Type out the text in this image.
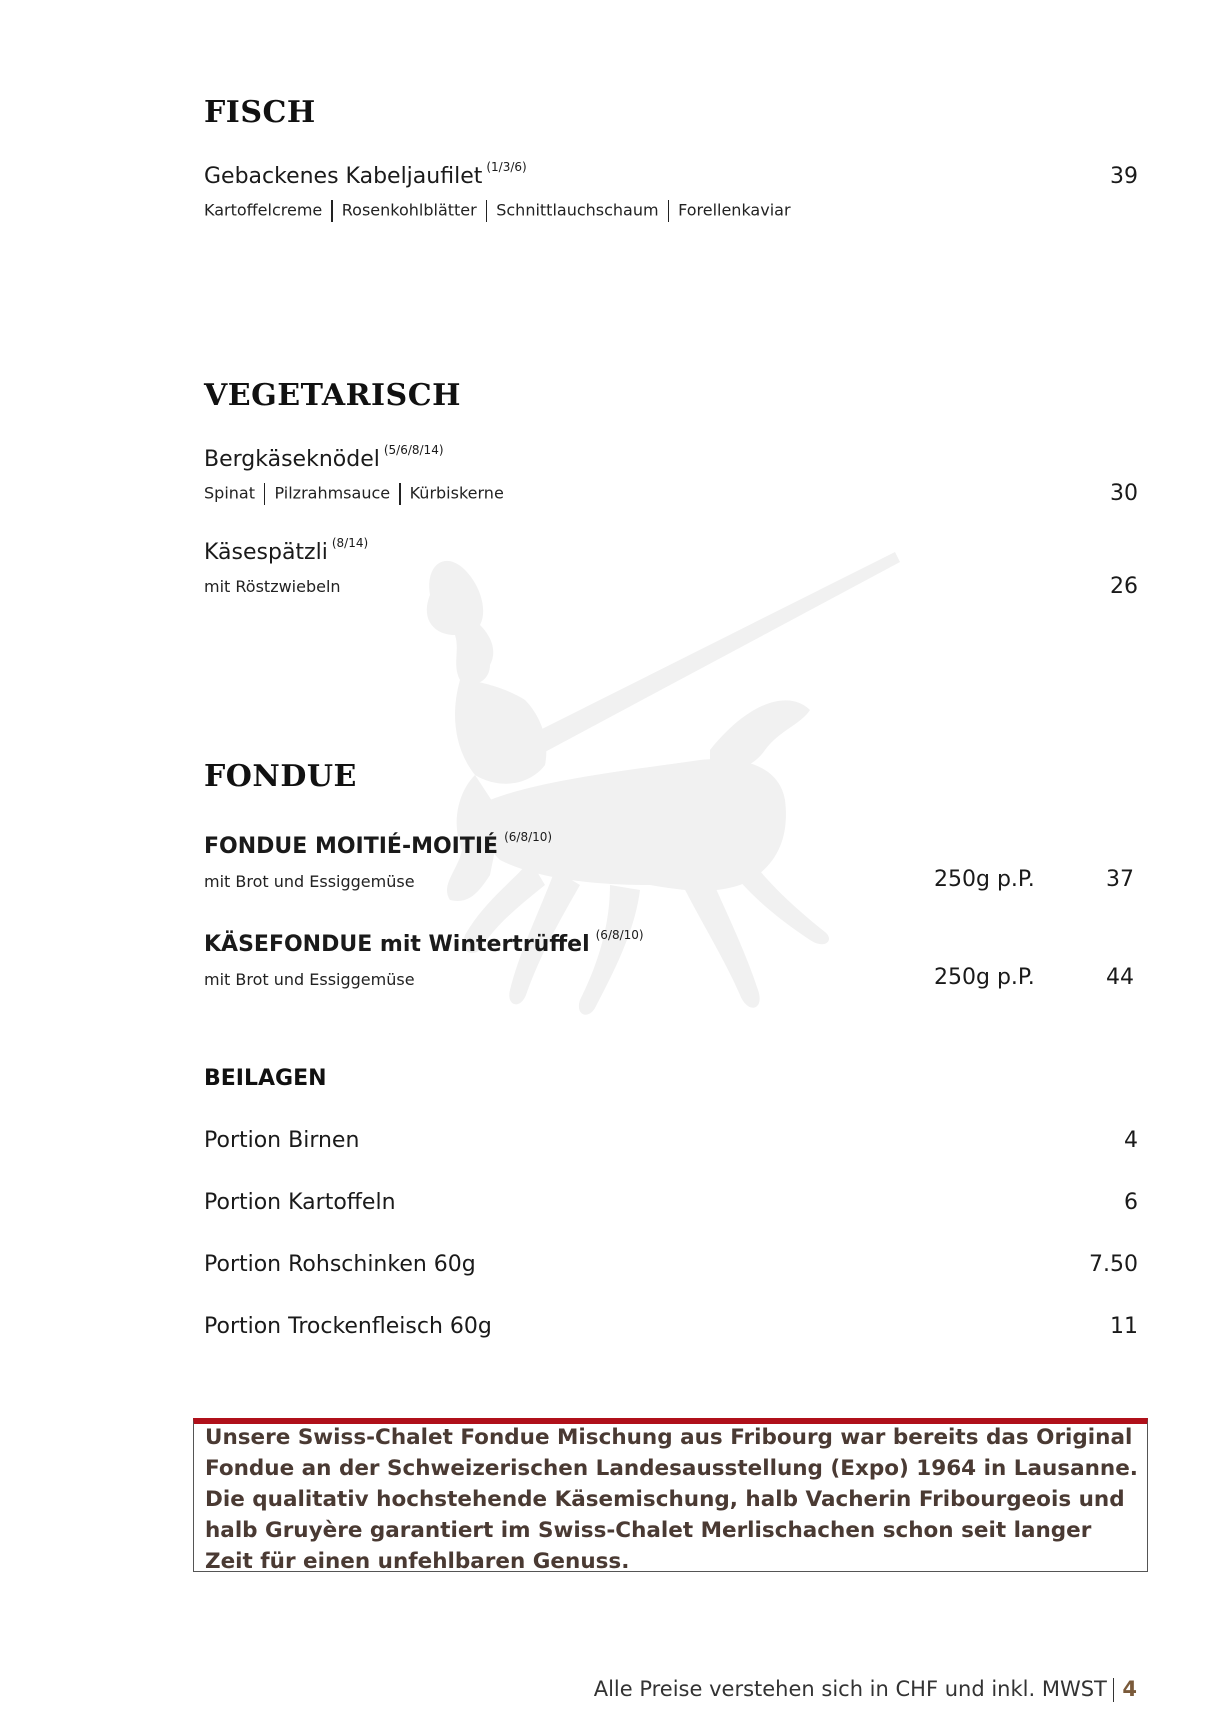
FISCH
Gebackenes Kabeljaufilet $^{(1/3/6)}$	39
Kartoffelcreme Rosenkohlblätter Schnittlauchschaum Forellenkaviar
VEGETARISCH
Bergkäseknödel $^{(5/6/8/14)}$
Spinat Pilzrahmsauce Kürbiskerne	30
Käsespätzli $^{(8/14)}$
mit Röstzwiebeln	26
FONDUE
FONDUE MOITIÉ-MOITIÉ $^{(6/8/10)}$
mit Brot und Essiggemüse	250g p.P.	37
KÄSEFONDUE mit Wintertrüffel $^{(6/8/10)}$
mit Brot und Essiggemüse	250g p.P.	44
BEILAGEN
Portion Birnen	4
Portion Kartoffeln	6
Portion Rohschinken 60g	7.50
Portion Trockenfleisch 60g	11
Unsere Swiss-Chalet Fondue Mischung aus Fribourg war bereits das Original Fondue an der Schweizerischen Landesausstellung (Expo) 1964 in Lausanne. Die qualitativ hochstehende Käsemischung, halb Vacherin Fribourgeois und halb Gruyère garantiert im Swiss-Chalet Merlischachen schon seit langer Zeit für einen unfehlbaren Genuss.
Alle Preise verstehen sich in CHF und inkl. MWST 4
